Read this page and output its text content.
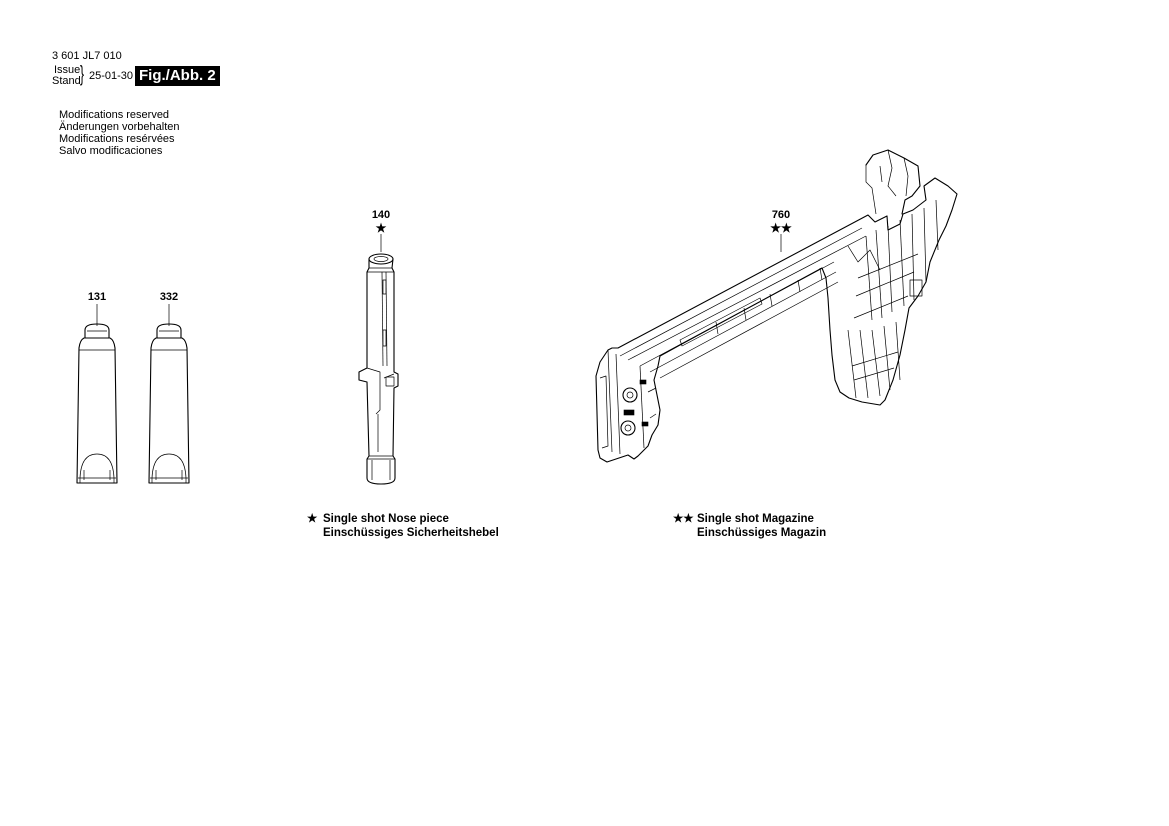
3 601 JL7 010
Issue
Stand } 25-01-30 Fig./Abb. 2
Modifications reserved
Änderungen vorbehalten
Modifications resérvées
Salvo modificaciones
131	332
140
★
760
★★
★ Single shot Nose piece
Einschüssiges Sicherheitshebel
★★ Single shot Magazine
Einschüssiges Magazin
